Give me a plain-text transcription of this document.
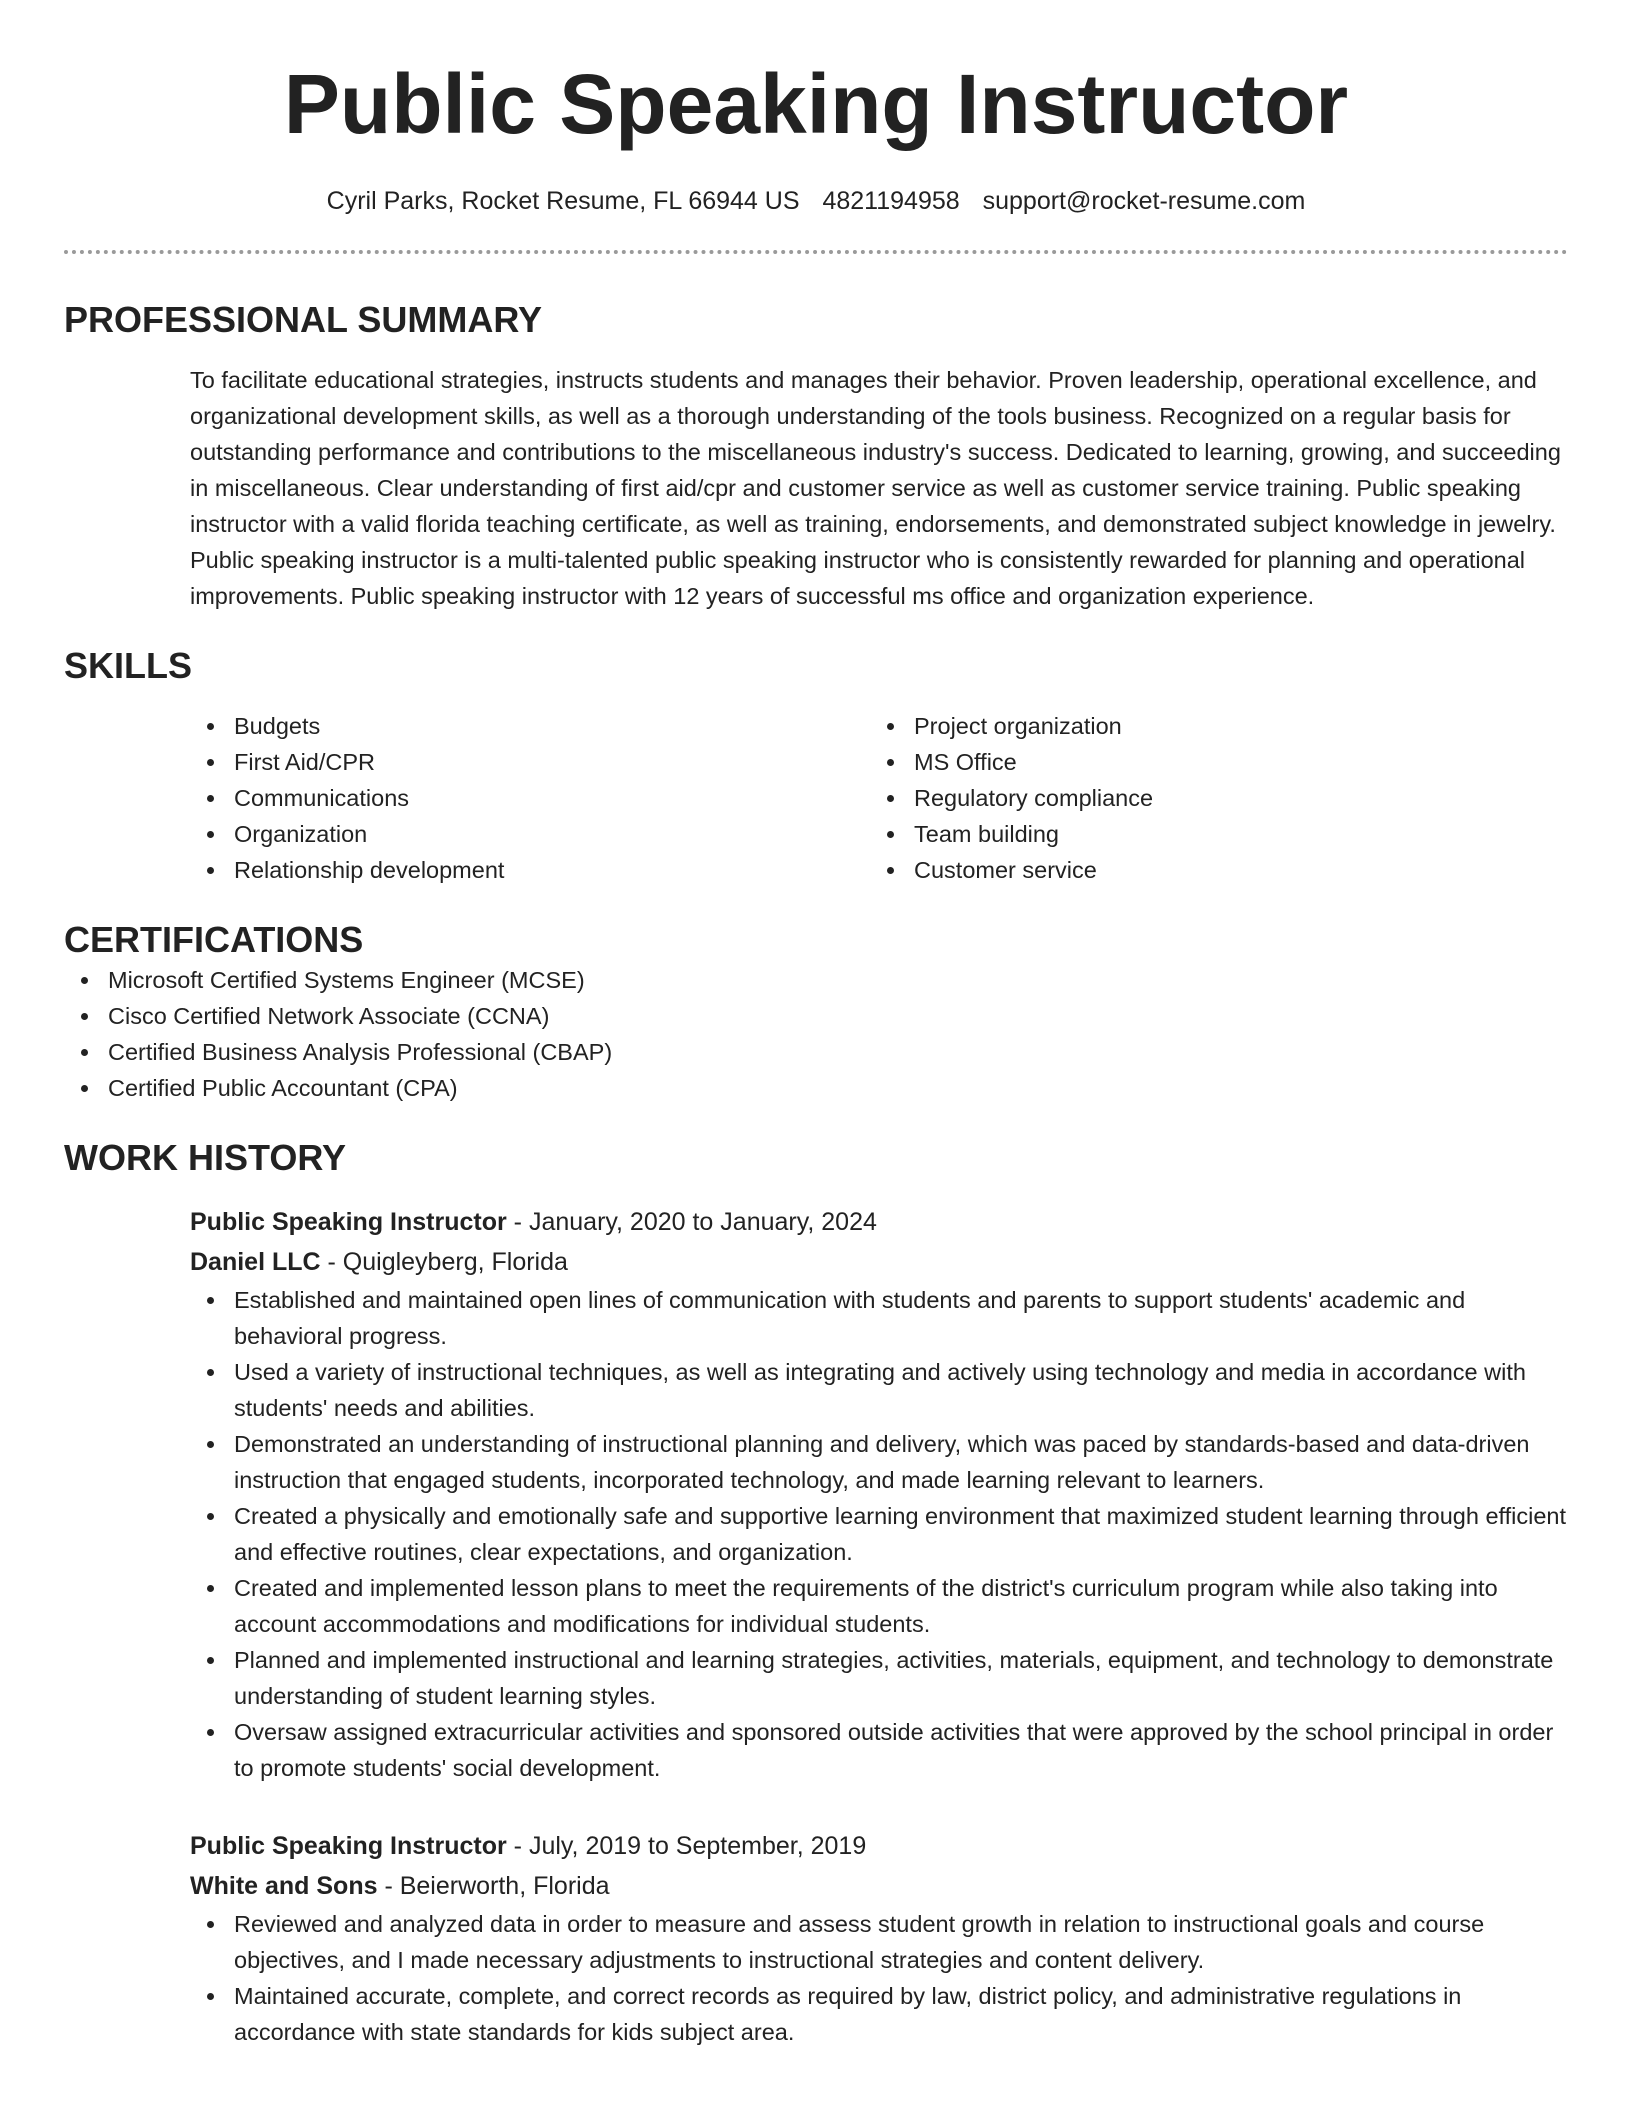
Public Speaking Instructor
Cyril Parks, Rocket Resume, FL 66944 US 4821194958 support@rocket-resume.com
PROFESSIONAL SUMMARY

To facilitate educational strategies, instructs students and manages their behavior. Proven leadership, operational excellence, and organizational development skills, as well as a thorough understanding of the tools business. Recognized on a regular basis for outstanding performance and contributions to the miscellaneous industry's success. Dedicated to learning, growing, and succeeding in miscellaneous. Clear understanding of first aid/cpr and customer service as well as customer service training. Public speaking instructor with a valid florida teaching certificate, as well as training, endorsements, and demonstrated subject knowledge in jewelry. Public speaking instructor is a multi-talented public speaking instructor who is consistently rewarded for planning and operational improvements. Public speaking instructor with 12 years of successful ms office and organization experience.

SKILLS
Budgets
First Aid/CPR
Communications
Organization
Relationship development
Project organization
MS Office
Regulatory compliance
Team building
Customer service
CERTIFICATIONS
Microsoft Certified Systems Engineer (MCSE)
Cisco Certified Network Associate (CCNA)
Certified Business Analysis Professional (CBAP)
Certified Public Accountant (CPA)
WORK HISTORY
Public Speaking Instructor - January, 2020 to January, 2024
Daniel LLC - Quigleyberg, Florida
Established and maintained open lines of communication with students and parents to support students' academic and behavioral progress.
Used a variety of instructional techniques, as well as integrating and actively using technology and media in accordance with students' needs and abilities.
Demonstrated an understanding of instructional planning and delivery, which was paced by standards-based and data-driven instruction that engaged students, incorporated technology, and made learning relevant to learners.
Created a physically and emotionally safe and supportive learning environment that maximized student learning through efficient and effective routines, clear expectations, and organization.
Created and implemented lesson plans to meet the requirements of the district's curriculum program while also taking into account accommodations and modifications for individual students.
Planned and implemented instructional and learning strategies, activities, materials, equipment, and technology to demonstrate understanding of student learning styles.
Oversaw assigned extracurricular activities and sponsored outside activities that were approved by the school principal in order to promote students' social development.
Public Speaking Instructor - July, 2019 to September, 2019
White and Sons - Beierworth, Florida
Reviewed and analyzed data in order to measure and assess student growth in relation to instructional goals and course objectives, and I made necessary adjustments to instructional strategies and content delivery.
Maintained accurate, complete, and correct records as required by law, district policy, and administrative regulations in accordance with state standards for kids subject area.
